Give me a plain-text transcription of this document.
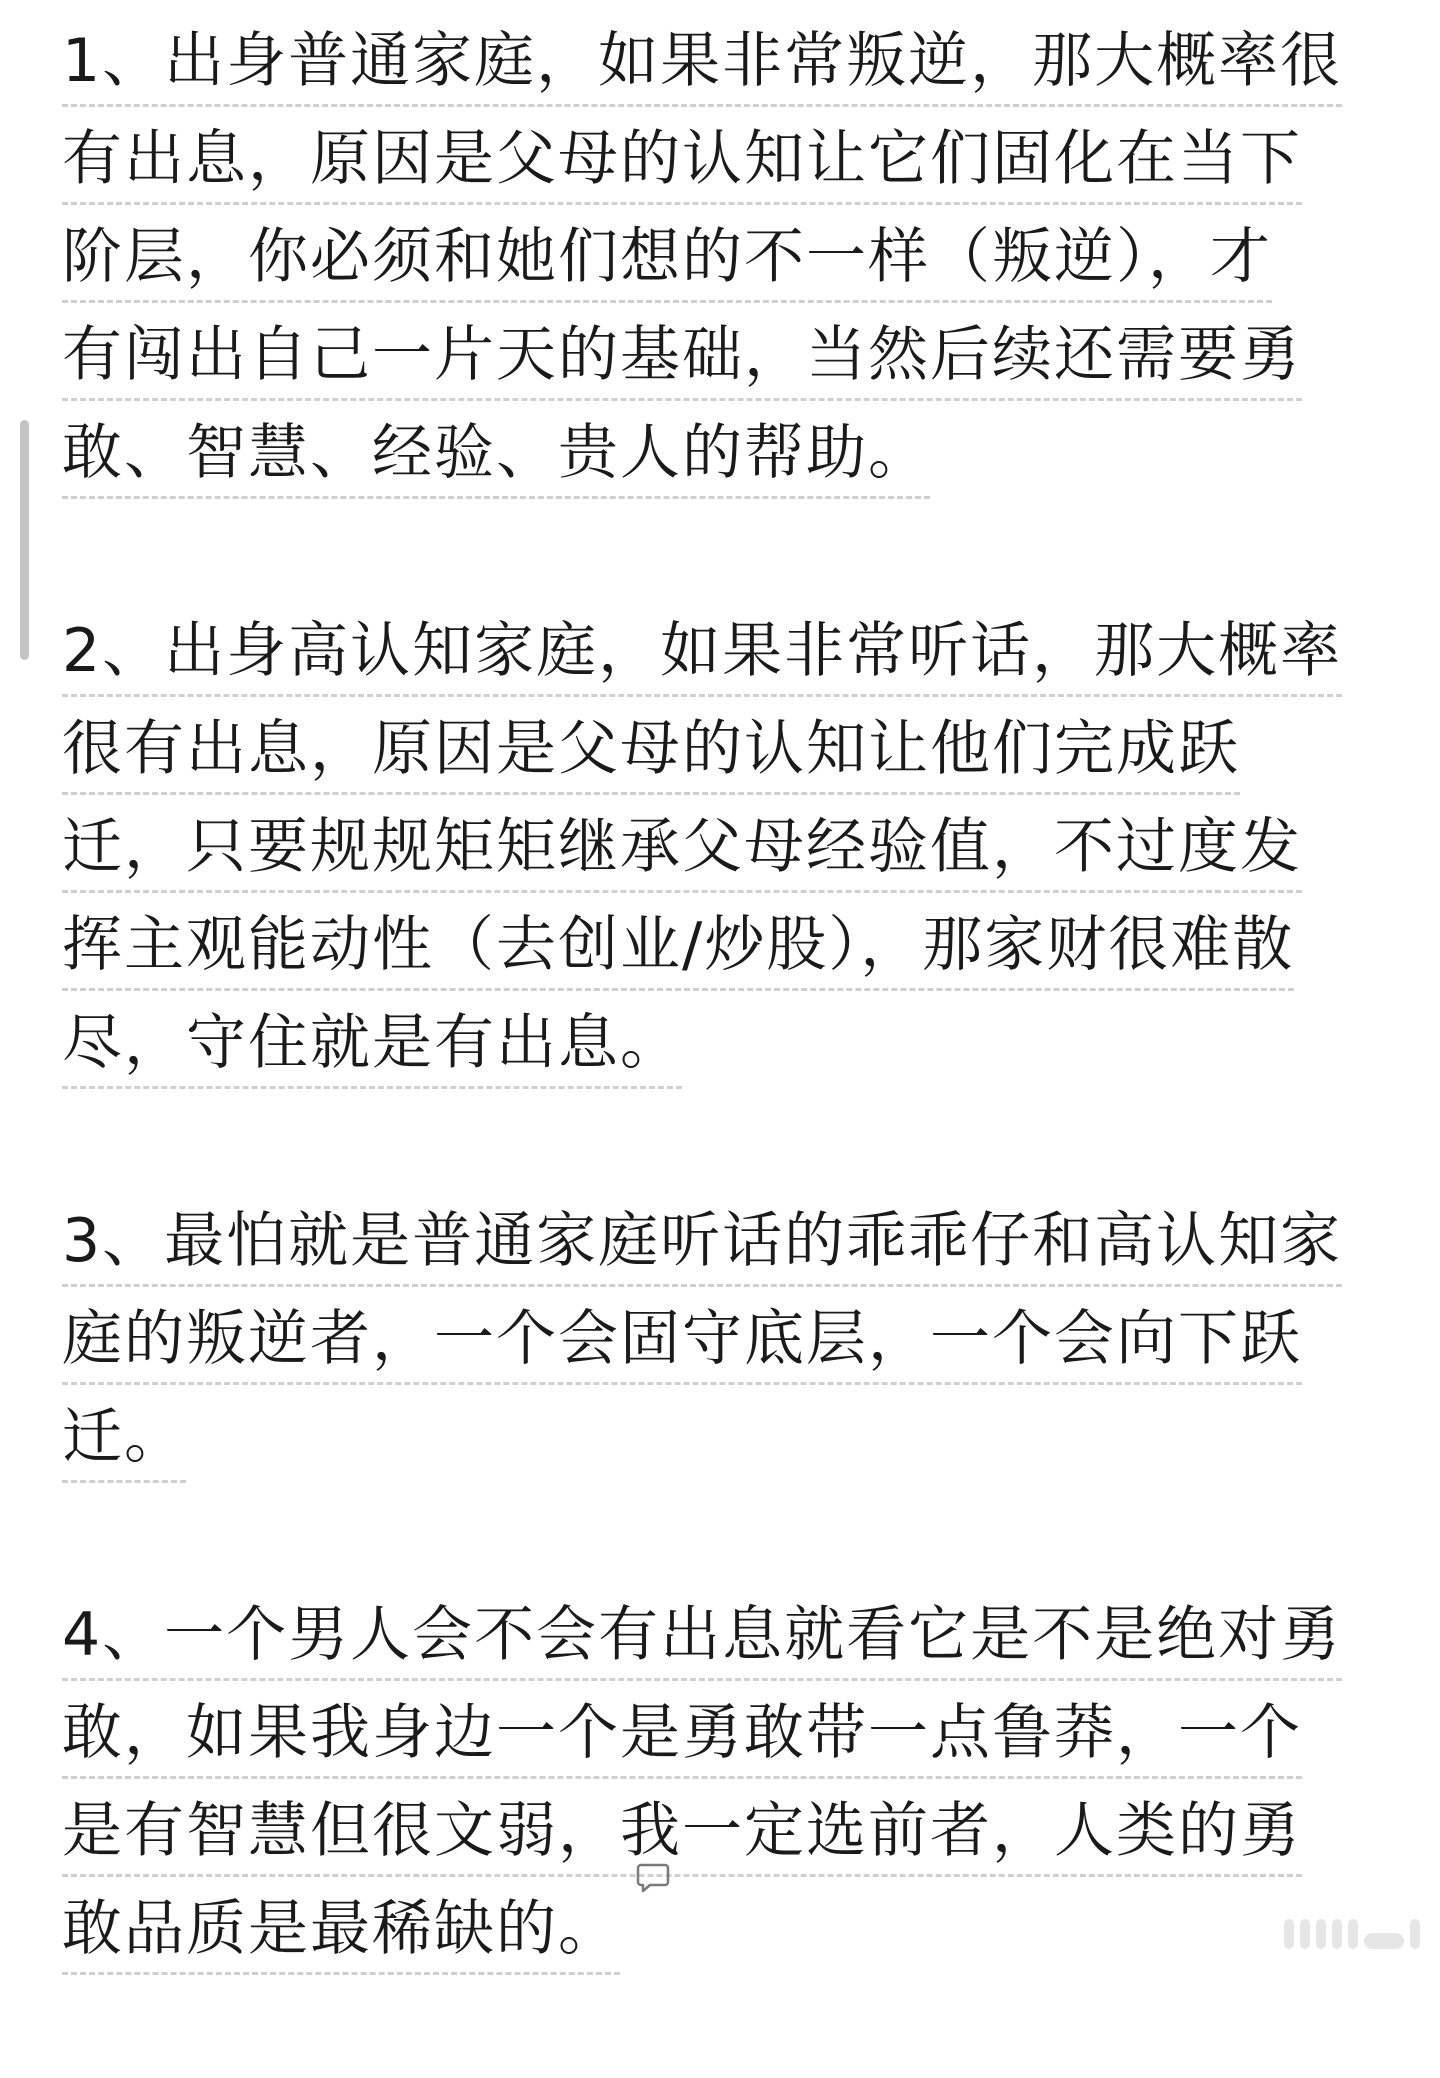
1、出身普通家庭，如果非常叛逆，那大概率很
有出息，原因是父母的认知让它们固化在当下
阶层，你必须和她们想的不一样（叛逆），才
有闯出自己一片天的基础，当然后续还需要勇
敢、智慧、经验、贵人的帮助。
2、出身高认知家庭，如果非常听话，那大概率
很有出息，原因是父母的认知让他们完成跃
迁，只要规规矩矩继承父母经验值，不过度发
挥主观能动性（去创业/炒股），那家财很难散
尽，守住就是有出息。
3、最怕就是普通家庭听话的乖乖仔和高认知家
庭的叛逆者，一个会固守底层，一个会向下跃
迁。
4、一个男人会不会有出息就看它是不是绝对勇
敢，如果我身边一个是勇敢带一点鲁莽，一个
是有智慧但很文弱，我一定选前者，人类的勇
敢品质是最稀缺的。
